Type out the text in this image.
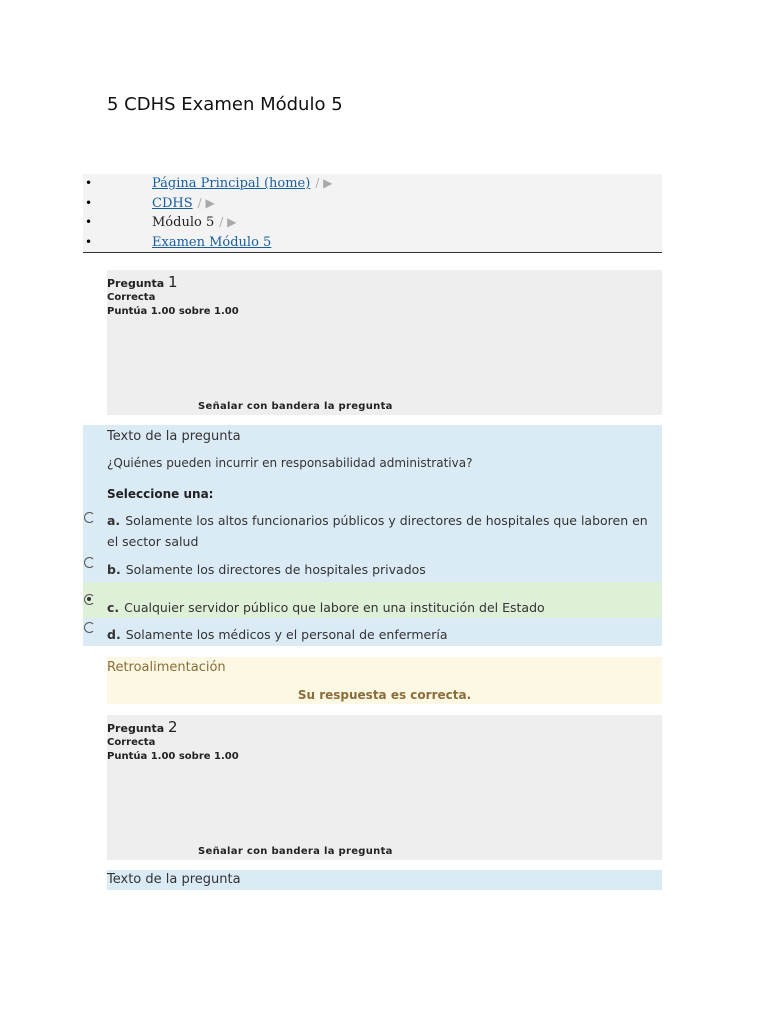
5 CDHS Examen Módulo 5
• Página Principal (home) / ▶
• CDHS / ▶
• Módulo 5 / ▶
• Examen Módulo 5
Pregunta 1
Correcta
Puntúa 1.00 sobre 1.00
Señalar con bandera la pregunta
Texto de la pregunta
¿Quiénes pueden incurrir en responsabilidad administrativa?
Seleccione una:
a. Solamente los altos funcionarios públicos y directores de hospitales que laboren en el sector salud
b. Solamente los directores de hospitales privados
c. Cualquier servidor público que labore en una institución del Estado
d. Solamente los médicos y el personal de enfermería
Retroalimentación
Su respuesta es correcta.
Pregunta 2
Correcta
Puntúa 1.00 sobre 1.00
Señalar con bandera la pregunta
Texto de la pregunta
